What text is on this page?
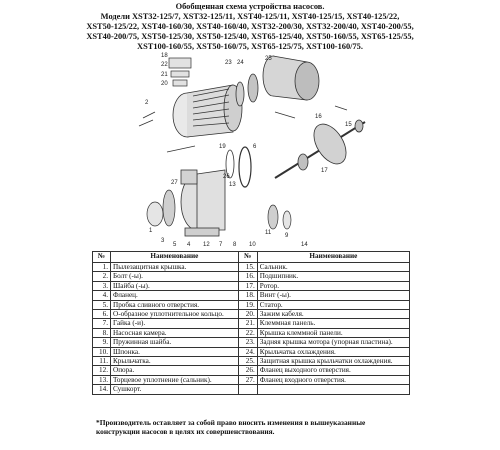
Обобщенная схема устройства насосов.
Модели XST32-125/7, XST32-125/11, XST40-125/11, XST40-125/15, XST40-125/22,
XST50-125/22, XST40-160/30, XST40-160/40, XST32-200/30, XST32-200/40, XST40-200/55,
XST40-200/75, XST50-125/30, XST50-125/40, XST65-125/40, XST50-160/55, XST65-125/55,
XST100-160/55, XST50-160/75, XST65-125/75, XST100-160/75.
18
22
21
20
23 24
25
2
19
16
15
17
6
13
27
26
11 9
1
3
5 4 12 7 8 10	14
№	Наименование	№	Наименование
1.	Пылезащитная крышка.	15.	Сальник.
2.	Болт (-ы).	16.	Подшипник.
3.	Шайба (-ы).	17.	Ротор.
4.	Фланец.	18.	Винт (-ы).
5.	Пробка сливного отверстия.	19.	Статор.
6.	О-образное уплотнительное кольцо.	20.	Зажим кабеля.
7.	Гайка (-и).	21.	Клеммная панель.
8.	Насосная камера.	22.	Крышка клеммной панели.
9.	Пружинная шайба.	23.	Задняя крышка мотора (упорная пластина).
10.	Шпонка.	24.	Крыльчатка охлаждения.
11.	Крыльчатка.	25.	Защитная крышка крыльчатки охлаждения.
12.	Опора.	26.	Фланец выходного отверстия.
13.	Торцевое уплотнение (сальник).	27.	Фланец входного отверстия.
14.	Сушкорт.		
*Производитель оставляет за собой право вносить изменения в вышеуказанные конструкции насосов в целях их совершенствования.
